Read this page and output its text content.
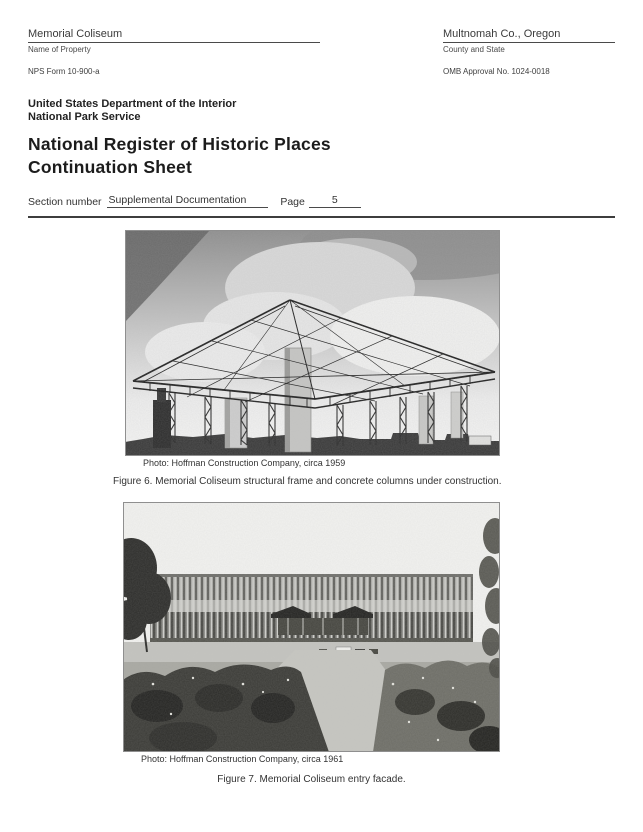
Memorial Coliseum
Name of Property
Multnomah Co., Oregon
County and State
NPS Form 10-900-a	OMB Approval No. 1024-0018
United States Department of the Interior
National Park Service
National Register of Historic Places
Continuation Sheet
Section number Supplemental Documentation	Page	5
Photo: Hoffman Construction Company, circa 1959
Figure 6. Memorial Coliseum structural frame and concrete columns under construction.
Photo: Hoffman Construction Company, circa 1961
Figure 7. Memorial Coliseum entry facade.
